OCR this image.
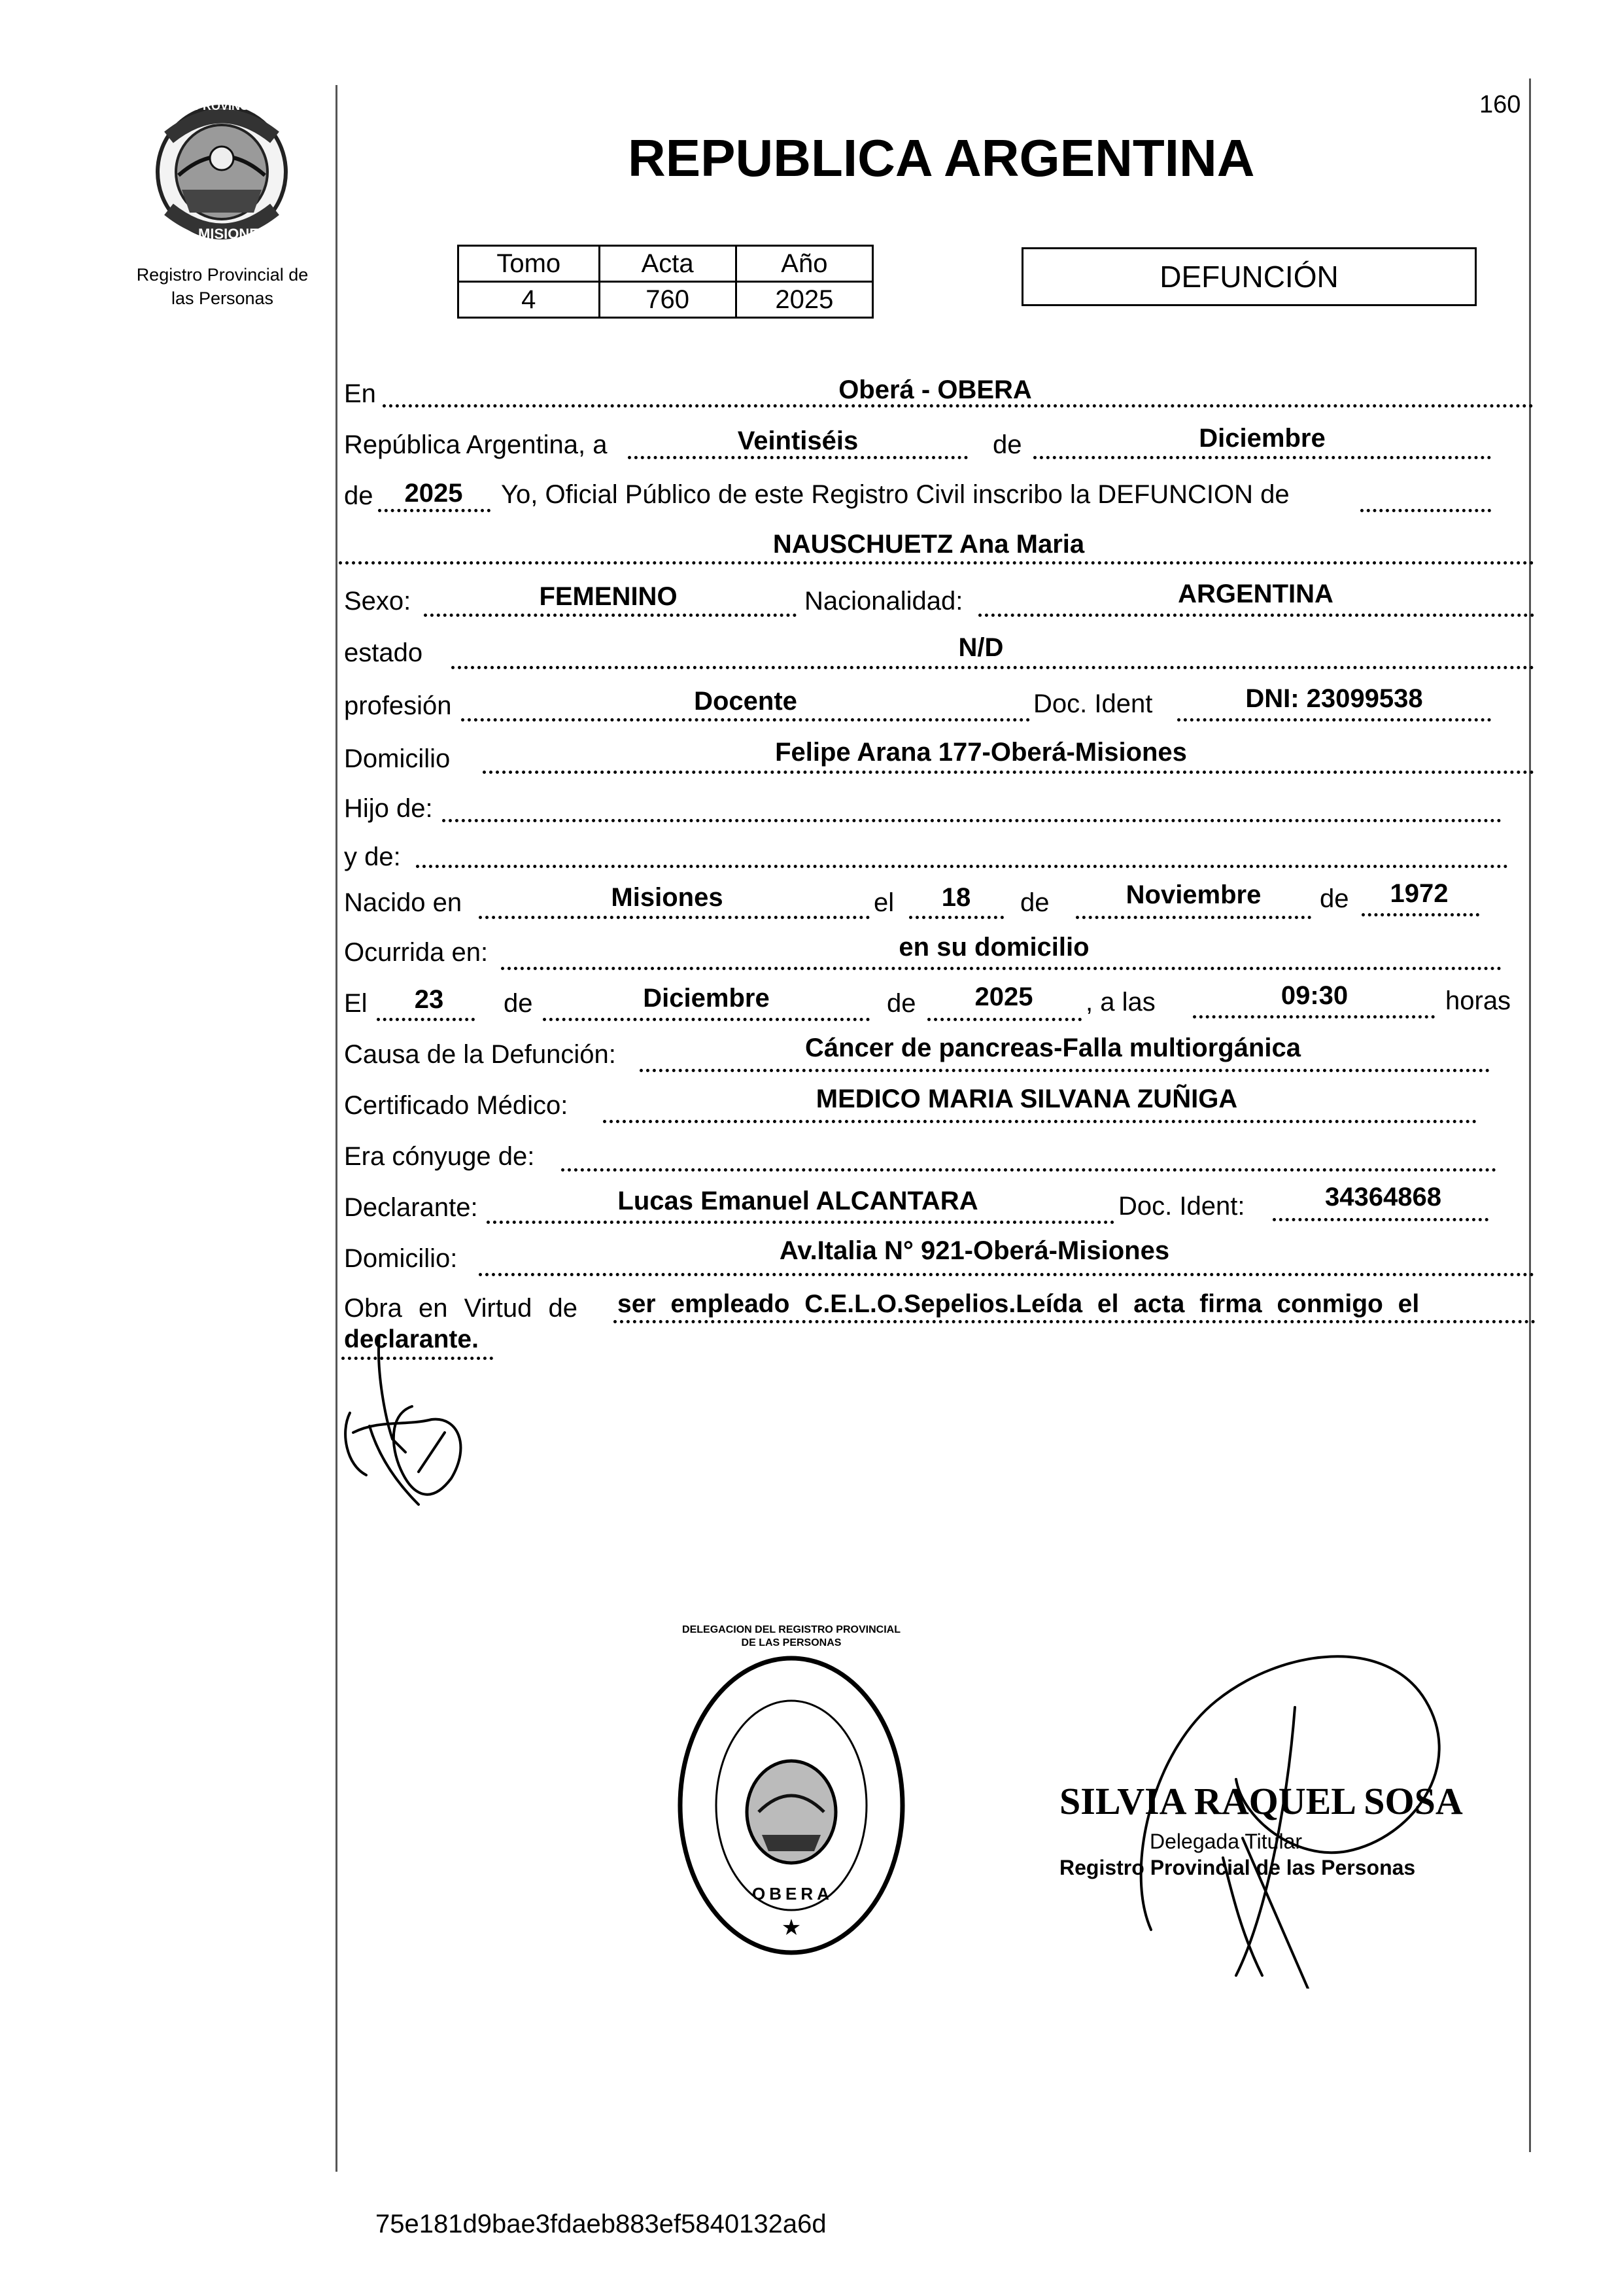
160
PROVINCIA DE
MISIONES
Registro Provincial de
las Personas
REPUBLICA ARGENTINA
Tomo	Acta	Año
4	760	2025
DEFUNCIÓN
En	Oberá - OBERA
República Argentina, a	Veintiséis	de	Diciembre
de	2025	Yo, Oficial Público de este Registro Civil inscribo la DEFUNCION de
NAUSCHUETZ Ana Maria
Sexo:	FEMENINO	Nacionalidad:	ARGENTINA
estado	N/D
profesión	Docente	Doc. Ident	DNI: 23099538
Domicilio	Felipe Arana 177-Oberá-Misiones
Hijo de:
y de:
Nacido en	Misiones	el	18	de	Noviembre	de	1972
Ocurrida en:	en su domicilio
El	23	de	Diciembre	de	2025	, a las	09:30	horas
Causa de la Defunción:	Cáncer de pancreas-Falla multiorgánica
Certificado Médico:	MEDICO MARIA SILVANA ZUÑIGA
Era cónyuge de:
Declarante:	Lucas Emanuel ALCANTARA	Doc. Ident:	34364868
Domicilio:	Av.Italia N° 921-Oberá-Misiones
Obra en Virtud de ser empleado C.E.L.O.Sepelios.Leída el acta firma conmigo el
declarante.
★
DELEGACION DEL REGISTRO PROVINCIAL DE LAS PERSONAS
OBERA
SILVIA RAQUEL SOSA
Delegada Titular
Registro Provincial de las Personas
75e181d9bae3fdaeb883ef5840132a6d
